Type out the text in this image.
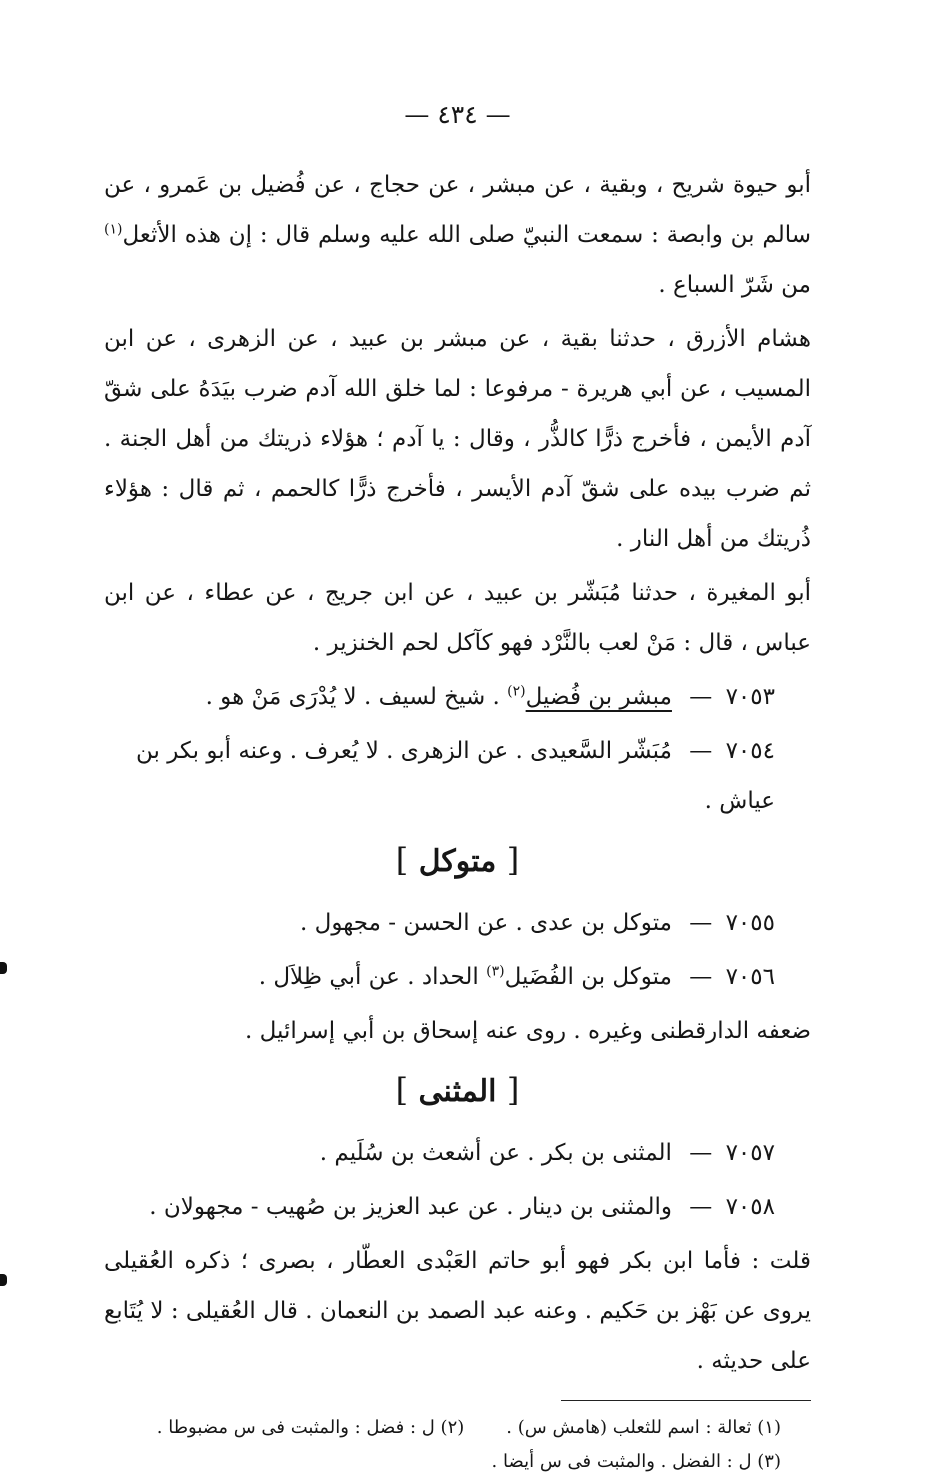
— ٤٣٤ —

أبو حيوة شريح ، وبقية ، عن مبشر ، عن حجاج ، عن فُضيل بن عَمرو ، عن سالم بن وابصة : سمعت النبيّ صلى الله عليه وسلم قال : إن هذه الأثعل$^{(١)}$ من شَرّ السباع .

هشام الأزرق ، حدثنا بقية ، عن مبشر بن عبيد ، عن الزهرى ، عن ابن المسيب ، عن أبي هريرة - مرفوعا : لما خلق الله آدم ضرب بيَدَهُ على شقّ آدم الأيمن ، فأخرج ذرًّا كالذُّر ، وقال : يا آدم ؛ هؤلاء ذريتك من أهل الجنة . ثم ضرب بيده على شقّ آدم الأيسر ، فأخرج ذرًّا كالحمم ، ثم قال : هؤلاء ذُريتك من أهل النار .

أبو المغيرة ، حدثنا مُبَشّر بن عبيد ، عن ابن جريج ، عن عطاء ، عن ابن عباس ، قال : مَنْ لعب بالنَّرْد فهو كآكل لحم الخنزير .

٧٠٥٣ — مبشر بن فُضيل$^{(٢)}$ . شيخ لسيف . لا يُدْرَى مَنْ هو .
٧٠٥٤ — مُبَشّر السَّعيدى . عن الزهرى . لا يُعرف . وعنه أبو بكر بن عياش .
[ متوكل ]
٧٠٥٥ — متوكل بن عدى . عن الحسن - مجهول .
٧٠٥٦ — متوكل بن الفُضَيل$^{(٣)}$ الحداد . عن أبي ظِلاَل .

ضعفه الدارقطنى وغيره . روى عنه إسحاق بن أبي إسرائيل .

[ المثنى ]
٧٠٥٧ — المثنى بن بكر . عن أشعث بن سُلَيم .
٧٠٥٨ — والمثنى بن دينار . عن عبد العزيز بن صُهيب - مجهولان .

قلت : فأما ابن بكر فهو أبو حاتم العَبْدى العطّار ، بصرى ؛ ذكره العُقيلى يروى عن بَهْز بن حَكيم . وعنه عبد الصمد بن النعمان . قال العُقيلى : لا يُتَابع على حديثه .

(١) ثعالة : اسم للثعلب (هامش س) .(٢) ل : فضل : والمثبت فى س مضبوطا .
(٣) ل : الفضل . والمثبت فى س أيضا .
